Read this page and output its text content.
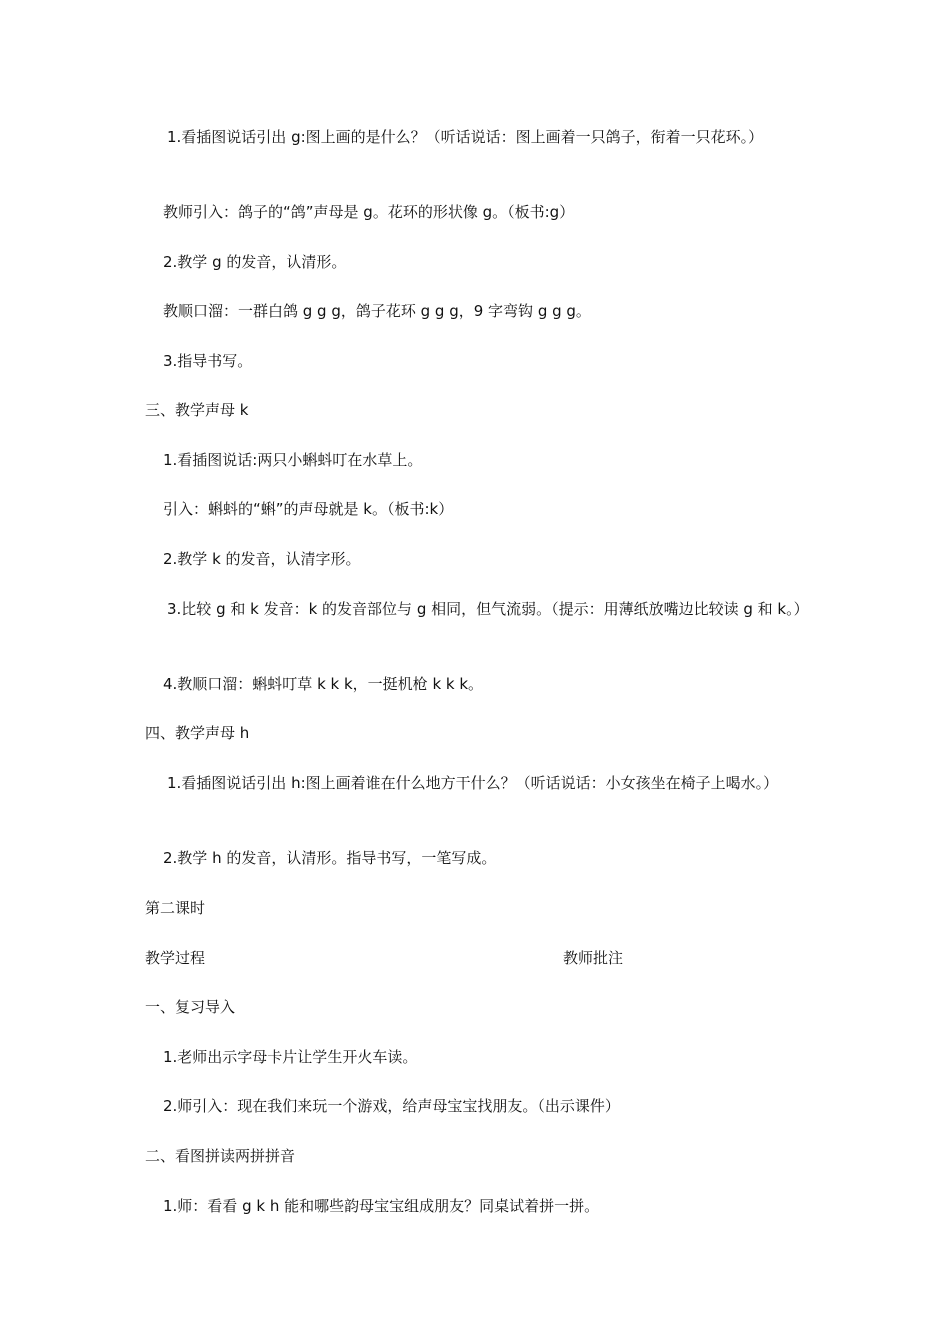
1.看插图说话引出 g:图上画的是什么？（听话说话：图上画着一只鸽子，衔着一只花环。）
教师引入：鸽子的“鸽”声母是 g。花环的形状像 g。（板书:g）
2.教学 g 的发音，认清形。
教顺口溜：一群白鸽 g g g，鸽子花环 g g g，9 字弯钩 g g g。
3.指导书写。
三、教学声母 k
1.看插图说话:两只小蝌蚪叮在水草上。
引入：蝌蚪的“蝌”的声母就是 k。（板书:k）
2.教学 k 的发音，认清字形。
3.比较 g 和 k 发音：k 的发音部位与 g 相同，但气流弱。（提示：用薄纸放嘴边比较读 g 和 k。）
4.教顺口溜：蝌蚪叮草 k k k，一挺机枪 k k k。
四、教学声母 h
1.看插图说话引出 h:图上画着谁在什么地方干什么？（听话说话：小女孩坐在椅子上喝水。）
2.教学 h 的发音，认清形。指导书写，一笔写成。
第二课时
教学过程	教师批注
一、复习导入
1.老师出示字母卡片让学生开火车读。
2.师引入：现在我们来玩一个游戏，给声母宝宝找朋友。（出示课件）
二、看图拼读两拼拼音
1.师：看看 g k h 能和哪些韵母宝宝组成朋友？同桌试着拼一拼。
